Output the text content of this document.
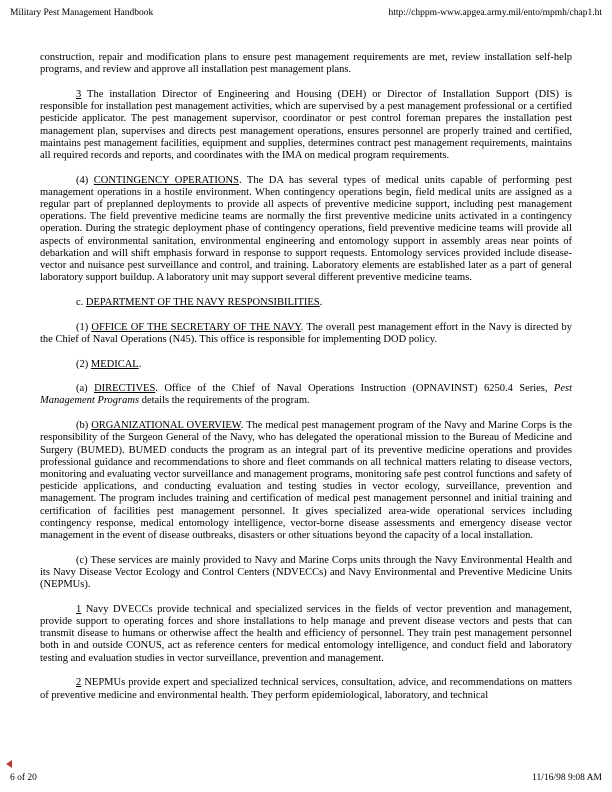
Military Pest Management Handbook	http://chppm-www.apgea.army.mil/ento/mpmh/chap1.ht

construction, repair and modification plans to ensure pest management requirements are met, review installation self-help programs, and review and approve all installation pest management plans.

3 The installation Director of Engineering and Housing (DEH) or Director of Installation Support (DIS) is responsible for installation pest management activities, which are supervised by a pest management professional or a certified pesticide applicator. The pest management supervisor, coordinator or pest control foreman prepares the installation pest management plan, supervises and directs pest management operations, ensures personnel are properly trained and certified, maintains pest management facilities, equipment and supplies, determines contract pest management requirements, maintains all required records and reports, and coordinates with the IMA on medical program requirements.

(4) CONTINGENCY OPERATIONS. The DA has several types of medical units capable of performing pest management operations in a hostile environment. When contingency operations begin, field medical units are assigned as a regular part of preplanned deployments to provide all aspects of preventive medicine support, including pest management operations. The field preventive medicine teams are normally the first preventive medicine units activated in a contingency operation. During the strategic deployment phase of contingency operations, field preventive medicine teams will provide all aspects of environmental sanitation, environmental engineering and entomology support in assembly areas near points of debarkation and will shift emphasis forward in response to support requests. Entomology services provided include disease-vector and nuisance pest surveillance and control, and training. Laboratory elements are established later as a part of general laboratory support buildup. A laboratory unit may support several different preventive medicine teams.

c. DEPARTMENT OF THE NAVY RESPONSIBILITIES.

(1) OFFICE OF THE SECRETARY OF THE NAVY. The overall pest management effort in the Navy is directed by the Chief of Naval Operations (N45). This office is responsible for implementing DOD policy.

(2) MEDICAL.

(a) DIRECTIVES. Office of the Chief of Naval Operations Instruction (OPNAVINST) 6250.4 Series, Pest Management Programs details the requirements of the program.

(b) ORGANIZATIONAL OVERVIEW. The medical pest management program of the Navy and Marine Corps is the responsibility of the Surgeon General of the Navy, who has delegated the operational mission to the Bureau of Medicine and Surgery (BUMED). BUMED conducts the program as an integral part of its preventive medicine operations and provides professional guidance and recommendations to shore and fleet commands on all technical matters relating to disease vectors, monitoring and evaluating vector surveillance and management programs, monitoring safe pest control functions and safety of pesticide applications, and conducting evaluation and testing studies in vector ecology, surveillance, prevention and management. The program includes training and certification of medical pest management personnel and initial training and certification of facilities pest management personnel. It gives specialized area-wide operational services including contingency response, medical entomology intelligence, vector-borne disease assessments and emergency disease vector management in the event of disease outbreaks, disasters or other situations beyond the capacity of a local installation.

(c) These services are mainly provided to Navy and Marine Corps units through the Navy Environmental Health and its Navy Disease Vector Ecology and Control Centers (NDVECCs) and Navy Environmental and Preventive Medicine Units (NEPMUs).

1 Navy DVECCs provide technical and specialized services in the fields of vector prevention and management, provide support to operating forces and shore installations to help manage and prevent disease vectors and pests that can transmit disease to humans or otherwise affect the health and efficiency of personnel. They train pest management personnel both in and outside CONUS, act as reference centers for medical entomology intelligence, and conduct field and laboratory testing and evaluation studies in vector surveillance, prevention and management.

2 NEPMUs provide expert and specialized technical services, consultation, advice, and recommendations on matters of preventive medicine and environmental health. They perform epidemiological, laboratory, and technical

6 of 20	11/16/98 9:08 AM
